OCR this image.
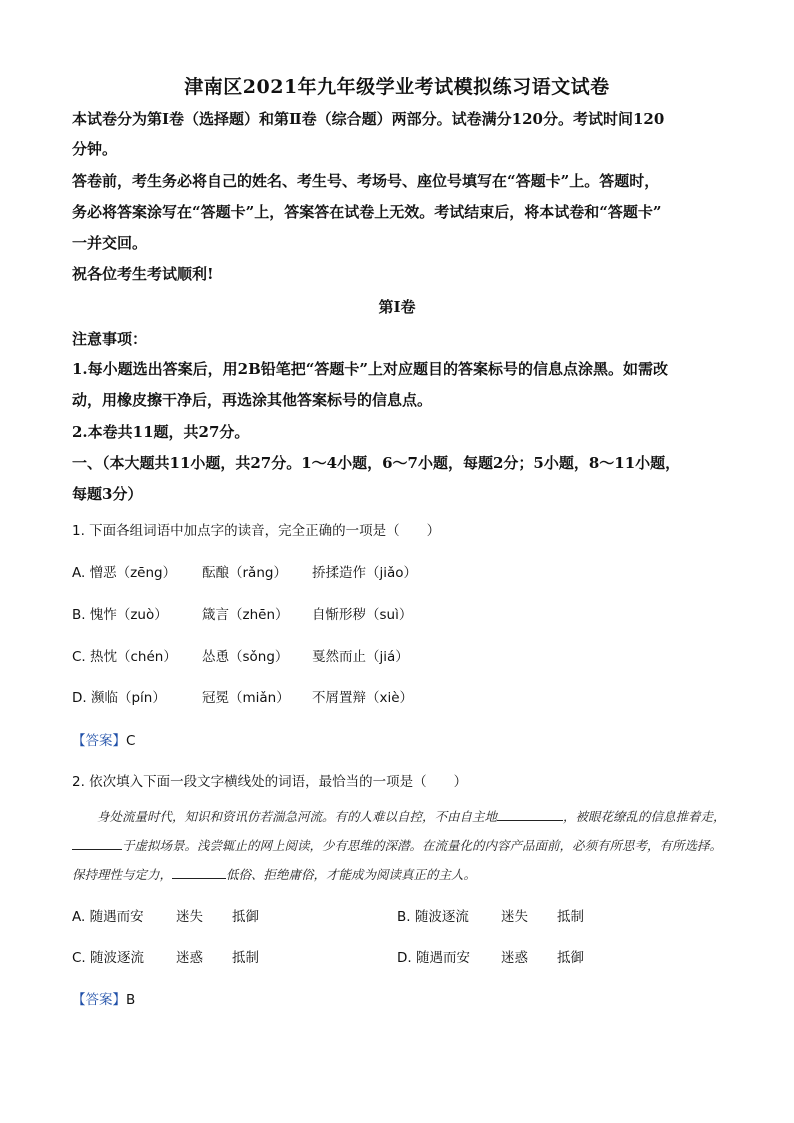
津南区2021年九年级学业考试模拟练习语文试卷
本试卷分为第Ⅰ卷（选择题）和第Ⅱ卷（综合题）两部分。试卷满分120分。考试时间120
分钟。
答卷前，考生务必将自己的姓名、考生号、考场号、座位号填写在“答题卡”上。答题时，
务必将答案涂写在“答题卡”上，答案答在试卷上无效。考试结束后，将本试卷和“答题卡”
一并交回。
祝各位考生考试顺利!
第Ⅰ卷
注意事项：
1.每小题选出答案后，用2B铅笔把“答题卡”上对应题目的答案标号的信息点涂黑。如需改
动，用橡皮擦干净后，再选涂其他答案标号的信息点。
2.本卷共11题，共27分。
一、（本大题共11小题，共27分。1～4小题，6～7小题，每题2分；5小题，8～11小题，
每题3分）
1. 下面各组词语中加点字的读音，完全正确的一项是（　　）
A. 憎恶（zēng） 酝酿（rǎng） 挢揉造作（jiǎo）
B. 愧怍（zuò）	箴言（zhēn） 自惭形秽（suì）
C. 热忱（chén） 怂恿（sǒng） 戛然而止（jiá）
D. 濒临（pín）	冠冕（miǎn） 不屑置辩（xiè）
【答案】C
2. 依次填入下面一段文字横线处的词语，最恰当的一项是（　　）

身处流量时代，知识和资讯仿若湍急河流。有的人难以自控，不由自主地	，被眼花缭乱的信息推着走，于虚拟场景。浅尝辄止的网上阅读，少有思维的深潜。在流量化的内容产品面前，必须有所思考，有所选择。保持理性与定力，	低俗、拒绝庸俗，才能成为阅读真正的主人。

A. 随遇而安 迷失 抵御	B. 随波逐流 迷失 抵制
C. 随波逐流 迷惑 抵制	D. 随遇而安 迷惑 抵御
【答案】B
